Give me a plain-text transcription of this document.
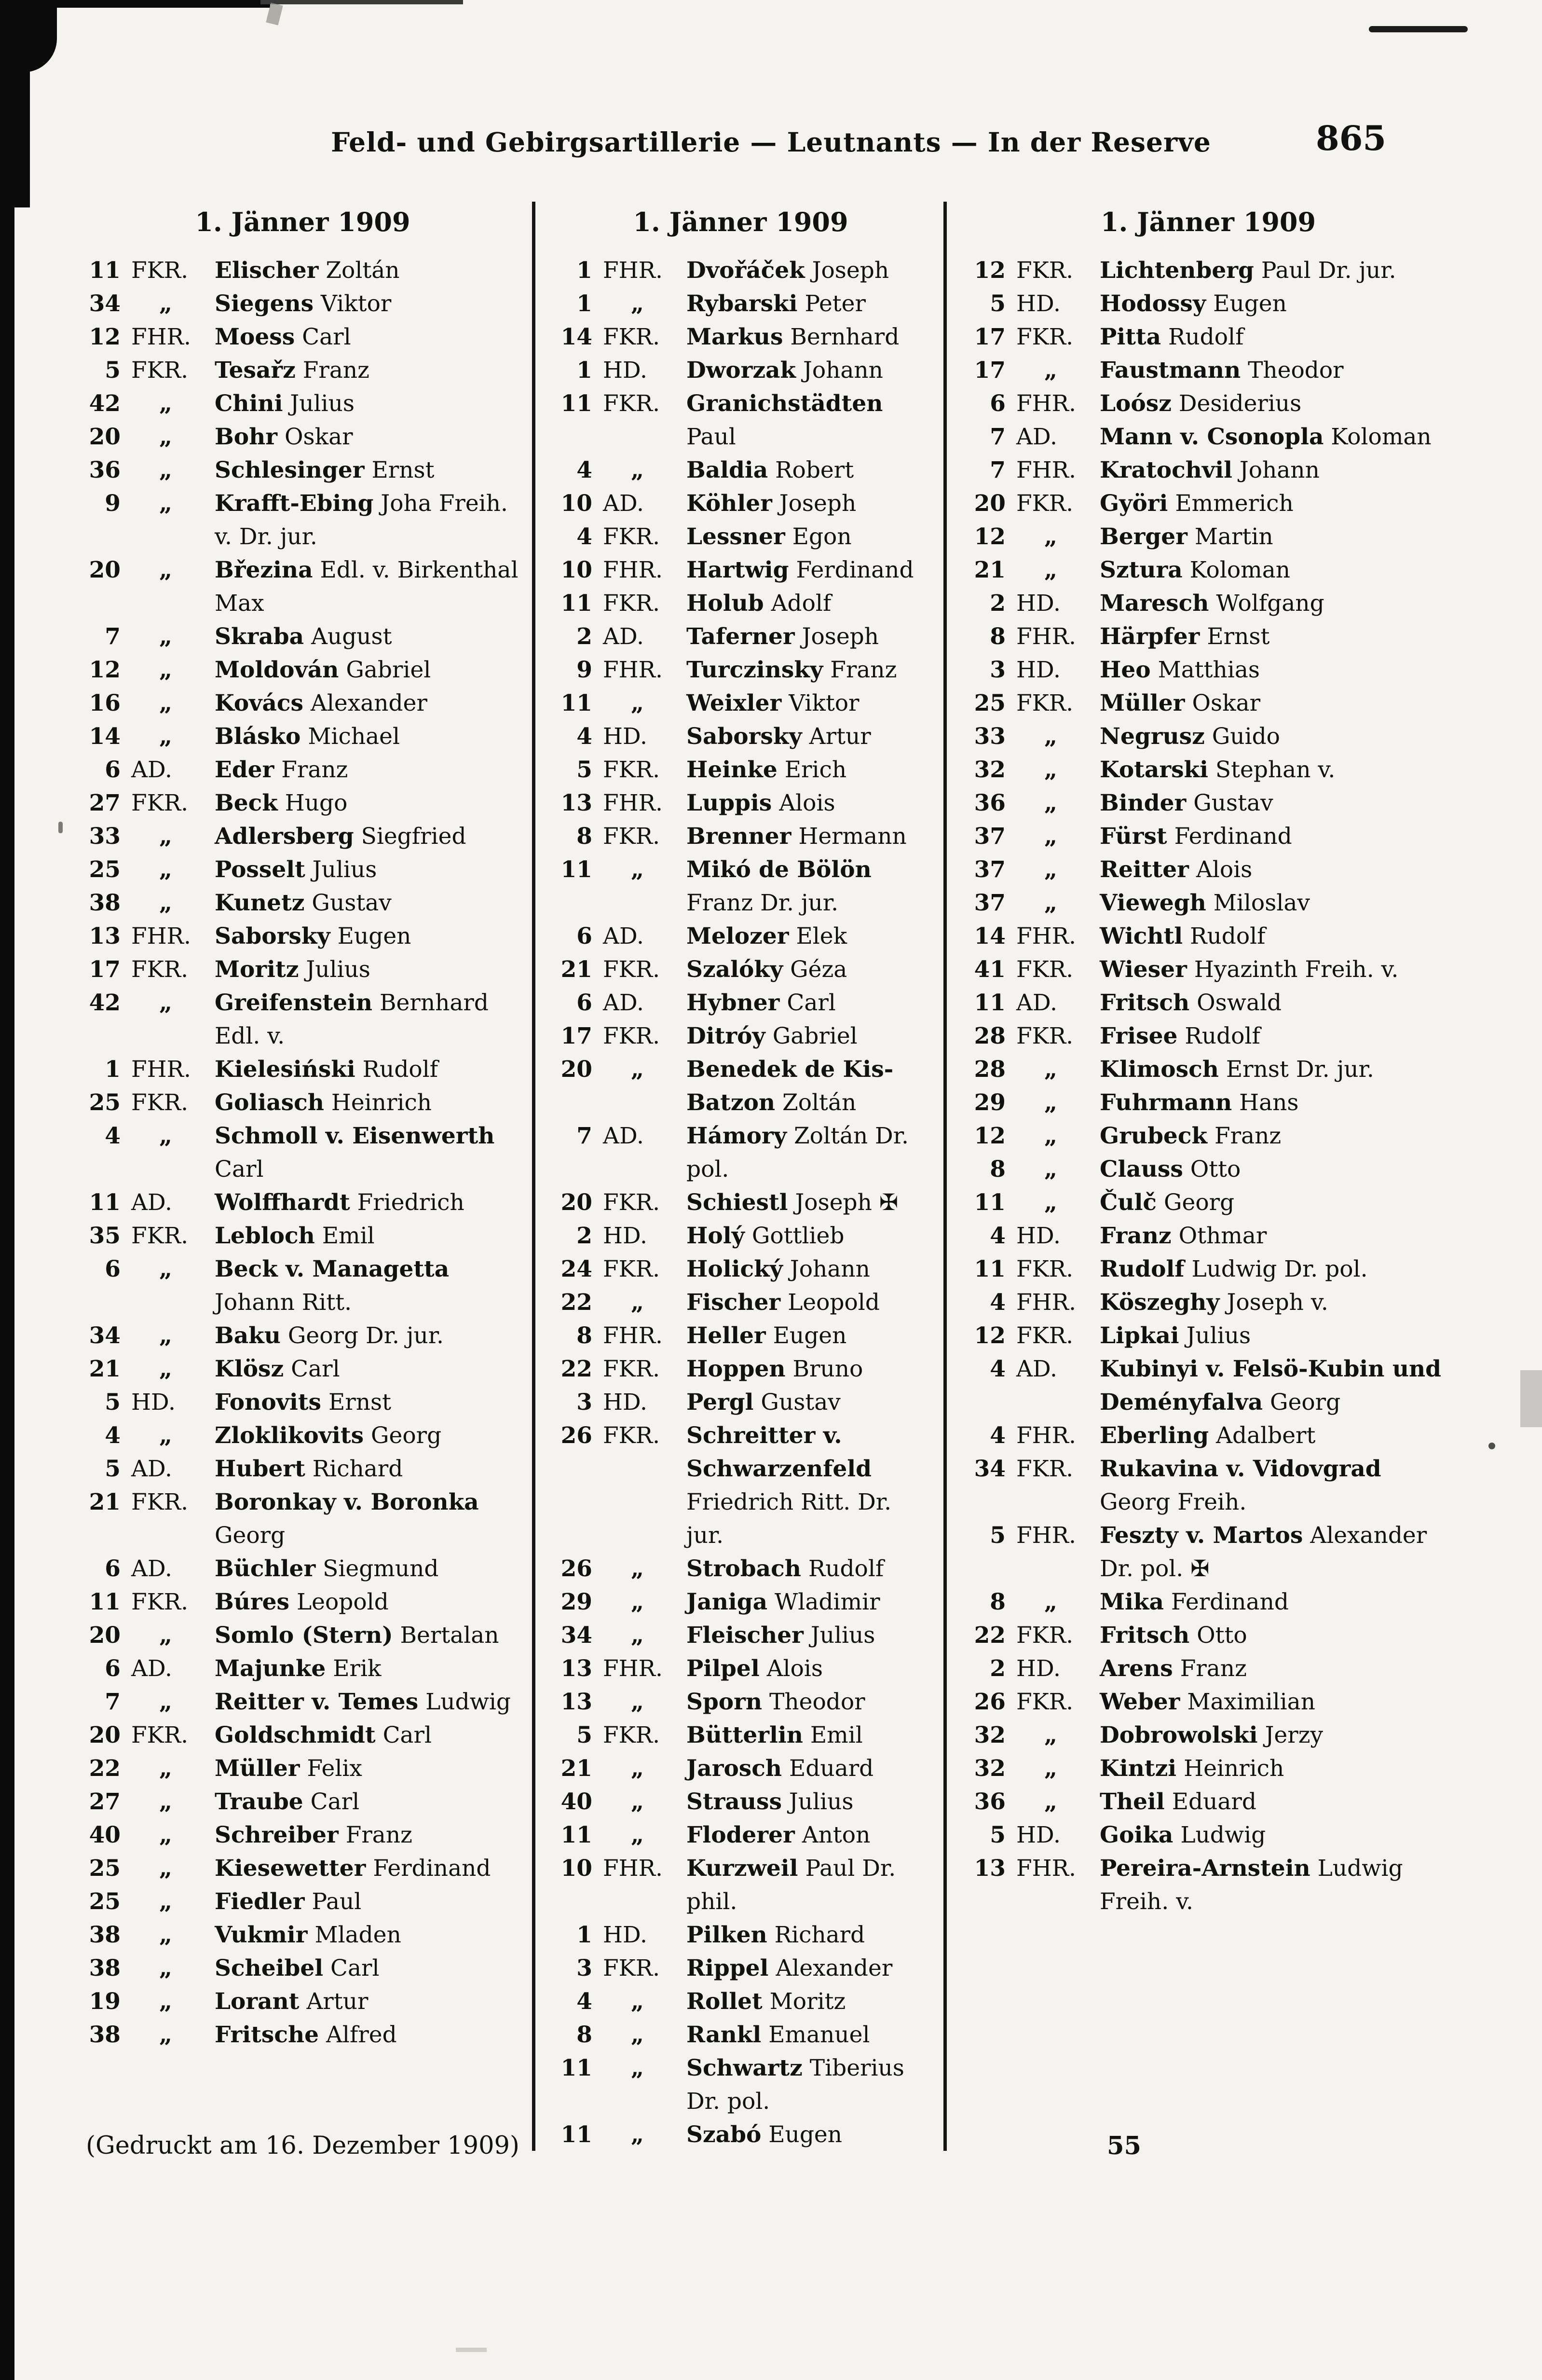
Feld- und Gebirgsartillerie — Leutnants — In der Reserve	865
1. Jänner 1909
11 FKR.	Elischer Zoltán
34	„	Siegens Viktor
12 FHR.	Moess Carl
5 FKR.	Tesařz Franz
42	„	Chini Julius
20	„	Bohr Oskar
36	„	Schlesinger Ernst
9	„	Krafft-Ebing Joha Freih. v. Dr. jur.
20	„	Březina Edl. v. Birkenthal Max
7	„	Skraba August
12	„	Moldován Gabriel
16	„	Kovács Alexander
14	„	Blásko Michael
6 AD.	Eder Franz
27 FKR.	Beck Hugo
33	„	Adlersberg Siegfried
25	„	Posselt Julius
38	„	Kunetz Gustav
13 FHR.	Saborsky Eugen
17 FKR.	Moritz Julius
42	„	Greifenstein Bernhard Edl. v.
1 FHR.	Kielesiński Rudolf
25 FKR.	Goliasch Heinrich
4	„	Schmoll v. Eisenwerth Carl
11 AD.	Wolffhardt Friedrich
35 FKR.	Lebloch Emil
6	„	Beck v. Managetta Johann Ritt.
34	„	Baku Georg Dr. jur.
21	„	Klösz Carl
5 HD.	Fonovits Ernst
4	„	Zloklikovits Georg
5 AD.	Hubert Richard
21 FKR.	Boronkay v. Boronka Georg
6 AD.	Büchler Siegmund
11 FKR.	Búres Leopold
20	„	Somlo (Stern) Bertalan
6 AD.	Majunke Erik
7	„	Reitter v. Temes Ludwig
20 FKR.	Goldschmidt Carl
22	„	Müller Felix
27	„	Traube Carl
40	„	Schreiber Franz
25	„	Kiesewetter Ferdinand
25	„	Fiedler Paul
38	„	Vukmir Mladen
38	„	Scheibel Carl
19	„	Lorant Artur
38	„	Fritsche Alfred
1. Jänner 1909
1 FHR.	Dvořáček Joseph
1	„	Rybarski Peter
14 FKR.	Markus Bernhard
1 HD.	Dworzak Johann
11 FKR.	Granichstädten Paul
4	„	Baldia Robert
10 AD.	Köhler Joseph
4 FKR.	Lessner Egon
10 FHR.	Hartwig Ferdinand
11 FKR.	Holub Adolf
2 AD.	Taferner Joseph
9 FHR.	Turczinsky Franz
11	„	Weixler Viktor
4 HD.	Saborsky Artur
5 FKR.	Heinke Erich
13 FHR.	Luppis Alois
8 FKR.	Brenner Hermann
11	„	Mikó de Bölön Franz Dr. jur.
6 AD.	Melozer Elek
21 FKR.	Szalóky Géza
6 AD.	Hybner Carl
17 FKR.	Ditróy Gabriel
20	„	Benedek de Kis-Batzon Zoltán
7 AD.	Hámory Zoltán Dr. pol.
20 FKR.	Schiestl Joseph ✠
2 HD.	Holý Gottlieb
24 FKR.	Holický Johann
22	„	Fischer Leopold
8 FHR.	Heller Eugen
22 FKR.	Hoppen Bruno
3 HD.	Pergl Gustav
26 FKR.	Schreitter v. Schwarzenfeld Friedrich Ritt. Dr. jur.
26	„	Strobach Rudolf
29	„	Janiga Wladimir
34	„	Fleischer Julius
13 FHR.	Pilpel Alois
13	„	Sporn Theodor
5 FKR.	Bütterlin Emil
21	„	Jarosch Eduard
40	„	Strauss Julius
11	„	Floderer Anton
10 FHR.	Kurzweil Paul Dr. phil.
1 HD.	Pilken Richard
3 FKR.	Rippel Alexander
4	„	Rollet Moritz
8	„	Rankl Emanuel
11	„	Schwartz Tiberius Dr. pol.
11	„	Szabó Eugen
1. Jänner 1909
12 FKR.	Lichtenberg Paul Dr. jur.
5 HD.	Hodossy Eugen
17 FKR.	Pitta Rudolf
17	„	Faustmann Theodor
6 FHR.	Loósz Desiderius
7 AD.	Mann v. Csonopla Koloman
7 FHR.	Kratochvil Johann
20 FKR.	Györi Emmerich
12	„	Berger Martin
21	„	Sztura Koloman
2 HD.	Maresch Wolfgang
8 FHR.	Härpfer Ernst
3 HD.	Heo Matthias
25 FKR.	Müller Oskar
33	„	Negrusz Guido
32	„	Kotarski Stephan v.
36	„	Binder Gustav
37	„	Fürst Ferdinand
37	„	Reitter Alois
37	„	Viewegh Miloslav
14 FHR.	Wichtl Rudolf
41 FKR.	Wieser Hyazinth Freih. v.
11 AD.	Fritsch Oswald
28 FKR.	Frisee Rudolf
28	„	Klimosch Ernst Dr. jur.
29	„	Fuhrmann Hans
12	„	Grubeck Franz
8	„	Clauss Otto
11	„	Čulč Georg
4 HD.	Franz Othmar
11 FKR.	Rudolf Ludwig Dr. pol.
4 FHR.	Köszeghy Joseph v.
12 FKR.	Lipkai Julius
4 AD.	Kubinyi v. Felsö-Kubin und Deményfalva Georg
4 FHR.	Eberling Adalbert
34 FKR.	Rukavina v. Vidovgrad Georg Freih.
5 FHR.	Feszty v. Martos Alexander Dr. pol. ✠
8	„	Mika Ferdinand
22 FKR.	Fritsch Otto
2 HD.	Arens Franz
26 FKR.	Weber Maximilian
32	„	Dobrowolski Jerzy
32	„	Kintzi Heinrich
36	„	Theil Eduard
5 HD.	Goika Ludwig
13 FHR.	Pereira-Arnstein Ludwig Freih. v.
(Gedruckt am 16. Dezember 1909)	55
